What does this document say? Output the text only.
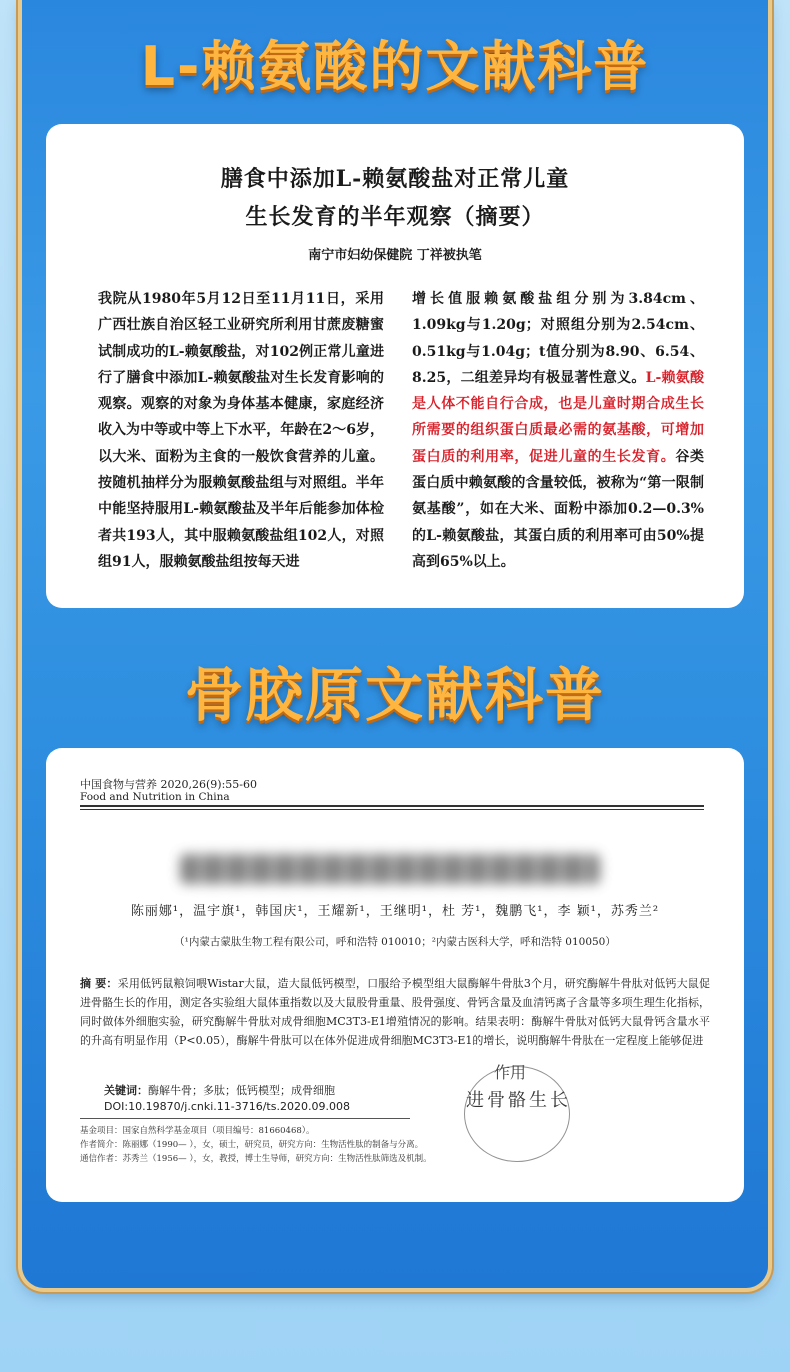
L-赖氨酸的文献科普
膳食中添加L-赖氨酸盐对正常儿童
生长发育的半年观察（摘要）
南宁市妇幼保健院 丁祥被执笔
我院从1980年5月12日至11月11日，采用广西壮族自治区轻工业研究所利用甘蔗废糖蜜试制成功的L-赖氨酸盐，对102例正常儿童进行了膳食中添加L-赖氨酸盐对生长发育影响的观察。观察的对象为身体基本健康，家庭经济收入为中等或中等上下水平，年龄在2～6岁，以大米、面粉为主食的一般饮食营养的儿童。按随机抽样分为服赖氨酸盐组与对照组。半年中能坚持服用L-赖氨酸盐及半年后能参加体检者共193人，其中服赖氨酸盐组102人，对照组91人，服赖氨酸盐组按每天进
增长值服赖氨酸盐组分别为3.84cm、1.09kg与1.20g；对照组分别为2.54cm、0.51kg与1.04g；t值分别为8.90、6.54、8.25，二组差异均有极显著性意义。L-赖氨酸是人体不能自行合成，也是儿童时期合成生长所需要的组织蛋白质最必需的氨基酸，可增加蛋白质的利用率，促进儿童的生长发育。谷类蛋白质中赖氨酸的含量较低，被称为“第一限制氨基酸”，如在大米、面粉中添加0.2—0.3%的L-赖氨酸盐，其蛋白质的利用率可由50%提高到65%以上。
骨胶原文献科普
中国食物与营养 2020,26(9):55-60
Food and Nutrition in China
陈丽娜¹，温宇旗¹，韩国庆¹，王耀新¹，王继明¹，杜 芳¹，魏鹏飞¹，李 颖¹，苏秀兰²
（¹内蒙古蒙肽生物工程有限公司，呼和浩特 010010；²内蒙古医科大学，呼和浩特 010050）
摘 要：采用低钙鼠粮饲喂Wistar大鼠，造大鼠低钙模型，口服给予模型组大鼠酶解牛骨肽3个月，研究酶解牛骨肽对低钙大鼠促进骨骼生长的作用，测定各实验组大鼠体重指数以及大鼠股骨重量、股骨强度、骨钙含量及血清钙离子含量等多项生理生化指标，同时做体外细胞实验，研究酶解牛骨肽对成骨细胞MC3T3-E1增殖情况的影响。结果表明：酶解牛骨肽对低钙大鼠骨钙含量水平的升高有明显作用（P<0.05），酶解牛骨肽可以在体外促进成骨细胞MC3T3-E1的增长，说明酶解牛骨肽在一定程度上能够促进
关键词：酶解牛骨；多肽；低钙模型；成骨细胞
DOI:10.19870/j.cnki.11-3716/ts.2020.09.008
基金项目：国家自然科学基金项目（项目编号：81660468）。
作者简介：陈丽娜（1990— ），女，硕士，研究员，研究方向：生物活性肽的制备与分离。
通信作者：苏秀兰（1956— ），女，教授，博士生导师，研究方向：生物活性肽筛选及机制。
作用
进骨骼生长
